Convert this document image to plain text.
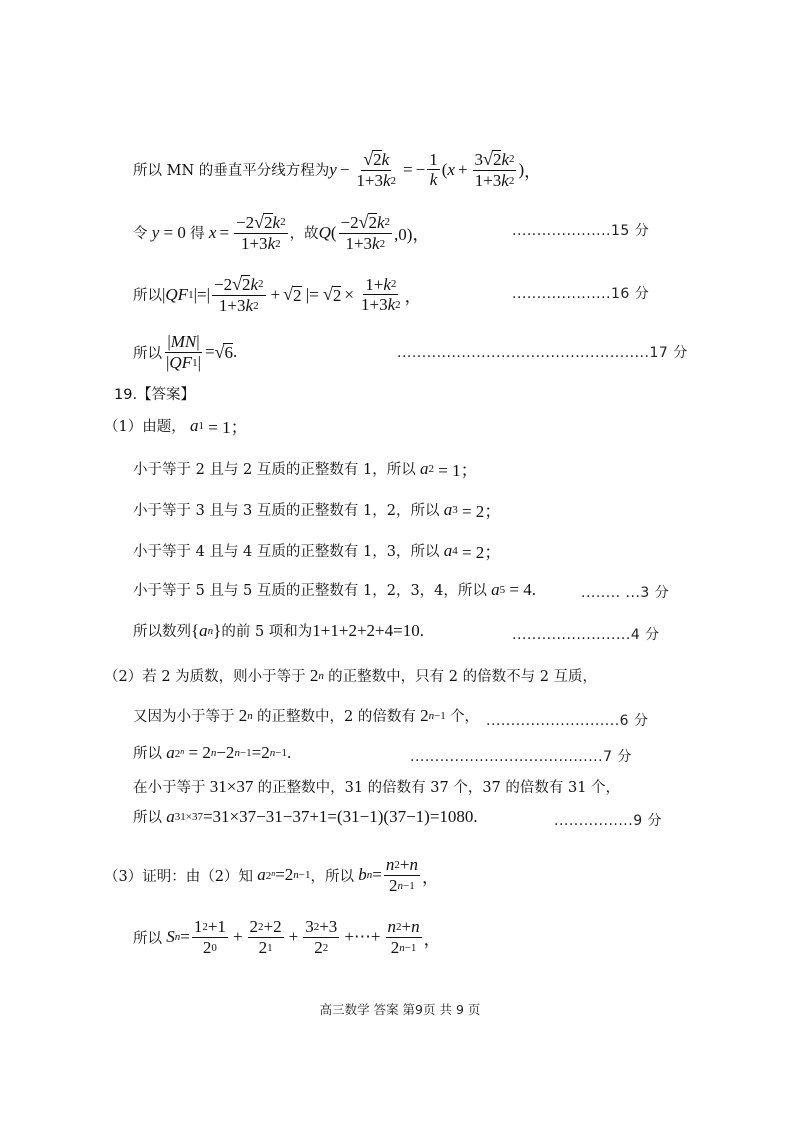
所以 MN 的垂直平分线方程为 $y - \frac{√ 2 k}{1+3 k 2}$ = − $\frac{1}{k}$ ( $x + \frac{3 √ 2 k 2}{1+3 k 2}$ ) ，
令
y = 0 得
$x = \frac{-2 √ 2 k 2}{1+3 k 2}$ ，故 Q ( $\frac{-2 √ 2 k 2}{1+3 k 2} ,0$)，	....................15 分
所以 | QF 1 |=| $\frac{-2 √ 2 k 2}{1+3 k 2}$ + √ 2 |= √ $2 \times \frac{1+ k 2}{1+3 k 2}$ ，	....................16 分
所以 $\frac{| MN |}{| QF 1 |}$ = √ 6 .	...................................................17 分
19.【答案】
（1）由题，
a 1 = 1；
小于等于 2 且与 2 互质的正整数有 1，所以
a 2 = 1；
小于等于 3 且与 3 互质的正整数有 1，2，所以
a 3 = 2；
小于等于 4 且与 4 互质的正整数有 1，3，所以
a 4 = 2；
小于等于 5 且与 5 互质的正整数有 1，2，3，4，所以
a 5 = 4.	........ ...3 分
所以数列 { a n } 的前 5 项和为 1+1+2+2+4=10.	........................4 分
（2）若 2 为质数，则小于等于 2 n
的正整数中，只有 2 的倍数不与 2 互质，
又因为小于等于 2 n
的正整数中，2 的倍数有 2 n−1
个， ...........................6 分
所以
a $2^n = 2$ n −2 n−1 =2 n−1 .	.......................................7 分
在小于等于 31×37 的正整数中，31 的倍数有 37 个，37 的倍数有 31 个，
所以
a 31×37 =31×37−31−37+1=(31−1)(37−1)=1080.	................9 分
（3）证明：由（2）知
a $2^n =2$ n−1 ，所以
b $n = \frac{n 2 + n}{2 n-1}$ ，
所以
S $n = \frac{1 2 +1}{2 0} + \frac{2 2 +2}{2 1} + \frac{3 2 +3}{2 2}$ +⋯+ $\frac{n 2 + n}{2 n-1}$ ，
高三数学 答案 第9页 共 9 页
